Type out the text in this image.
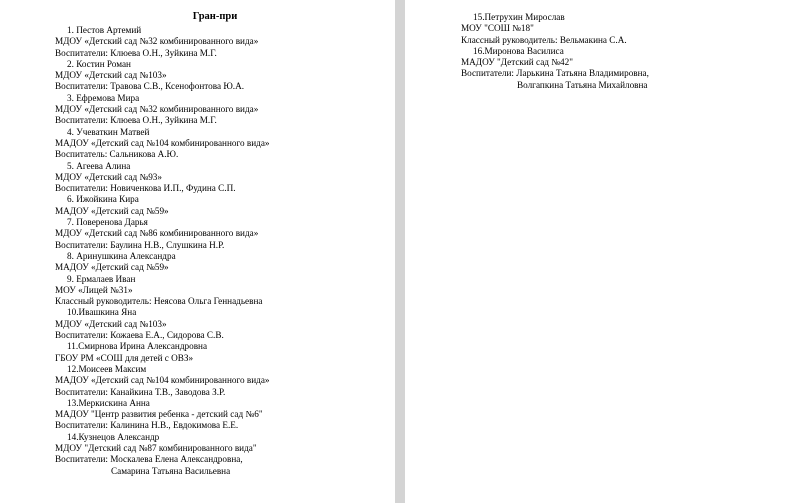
Гран-при
1. Пестов Артемий
МДОУ «Детский сад №32 комбинированного вида»
Воспитатели: Клюева О.Н., Зуйкина М.Г.
2. Костин Роман
МДОУ «Детский сад №103»
Воспитатели: Травова С.В., Ксенофонтова Ю.А.
3. Ефремова Мира
МДОУ «Детский сад №32 комбинированного вида»
Воспитатели: Клюева О.Н., Зуйкина М.Г.
4. Учеваткин Матвей
МАДОУ «Детский сад №104 комбинированного вида»
Воспитатель: Сальникова А.Ю.
5. Агеева Алина
МДОУ «Детский сад №93»
Воспитатели: Новиченкова И.П., Фудина С.П.
6. Ижойкина Кира
МАДОУ «Детский сад №59»
7. Поверенова Дарья
МДОУ «Детский сад №86 комбинированного вида»
Воспитатели: Баулина Н.В., Слушкина Н.Р.
8. Аринушкина Александра
МАДОУ «Детский сад №59»
9. Ермалаев Иван
МОУ «Лицей №31»
Классный руководитель: Неясова Ольга Геннадьевна
10.Ивашкина Яна
МДОУ «Детский сад №103»
Воспитатели: Кожаева Е.А., Сидорова С.В.
11.Смирнова Ирина Александровна
ГБОУ РМ «СОШ для детей с ОВЗ»
12.Моисеев Максим
МАДОУ «Детский сад №104 комбинированного вида»
Воспитатели: Канайкина Т.В., Заводова З.Р.
13.Меркискина Анна
МАДОУ "Центр развития ребенка - детский сад №6"
Воспитатели: Калинина Н.В., Евдокимова Е.Е.
14.Кузнецов Александр
МДОУ "Детский сад №87 комбинированного вида"
Воспитатели: Москалева Елена Александровна,
Самарина Татьяна Васильевна
15.Петрухин Мирослав
МОУ "СОШ №18"
Классный руководитель: Вельмакина С.А.
16.Миронова Василиса
МАДОУ "Детский сад №42"
Воспитатели: Ларькина Татьяна Владимировна,
Волгапкина Татьяна Михайловна
